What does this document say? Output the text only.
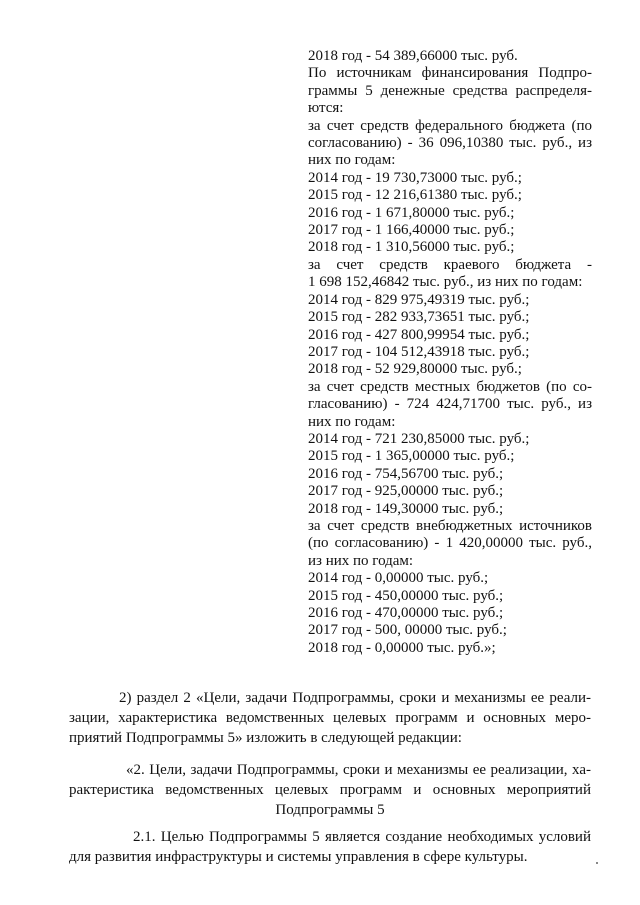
2018 год - 54 389,66000 тыс. руб.
По источникам финансирования Подпро-
граммы 5 денежные средства распределя-
ются:
за счет средств федерального бюджета (по
согласованию) - 36 096,10380 тыс. руб., из
них по годам:
2014 год - 19 730,73000 тыс. руб.;
2015 год - 12 216,61380 тыс. руб.;
2016 год - 1 671,80000 тыс. руб.;
2017 год - 1 166,40000 тыс. руб.;
2018 год - 1 310,56000 тыс. руб.;
за счет средств краевого бюджета -
1 698 152,46842 тыс. руб., из них по годам:
2014 год - 829 975,49319 тыс. руб.;
2015 год - 282 933,73651 тыс. руб.;
2016 год - 427 800,99954 тыс. руб.;
2017 год - 104 512,43918 тыс. руб.;
2018 год - 52 929,80000 тыс. руб.;
за счет средств местных бюджетов (по со-
гласованию) - 724 424,71700 тыс. руб., из
них по годам:
2014 год - 721 230,85000 тыс. руб.;
2015 год - 1 365,00000 тыс. руб.;
2016 год - 754,56700 тыс. руб.;
2017 год - 925,00000 тыс. руб.;
2018 год - 149,30000 тыс. руб.;
за счет средств внебюджетных источников
(по согласованию) - 1 420,00000 тыс. руб.,
из них по годам:
2014 год - 0,00000 тыс. руб.;
2015 год - 450,00000 тыс. руб.;
2016 год - 470,00000 тыс. руб.;
2017 год - 500, 00000 тыс. руб.;
2018 год - 0,00000 тыс. руб.»;
2) раздел 2 «Цели, задачи Подпрограммы, сроки и механизмы ее реали-
зации, характеристика ведомственных целевых программ и основных меро-
приятий Подпрограммы 5» изложить в следующей редакции:
«2. Цели, задачи Подпрограммы, сроки и механизмы ее реализации, ха-
рактеристика ведомственных целевых программ и основных мероприятий
Подпрограммы 5
2.1. Целью Подпрограммы 5 является создание необходимых условий
для развития инфраструктуры и системы управления в сфере культуры.
